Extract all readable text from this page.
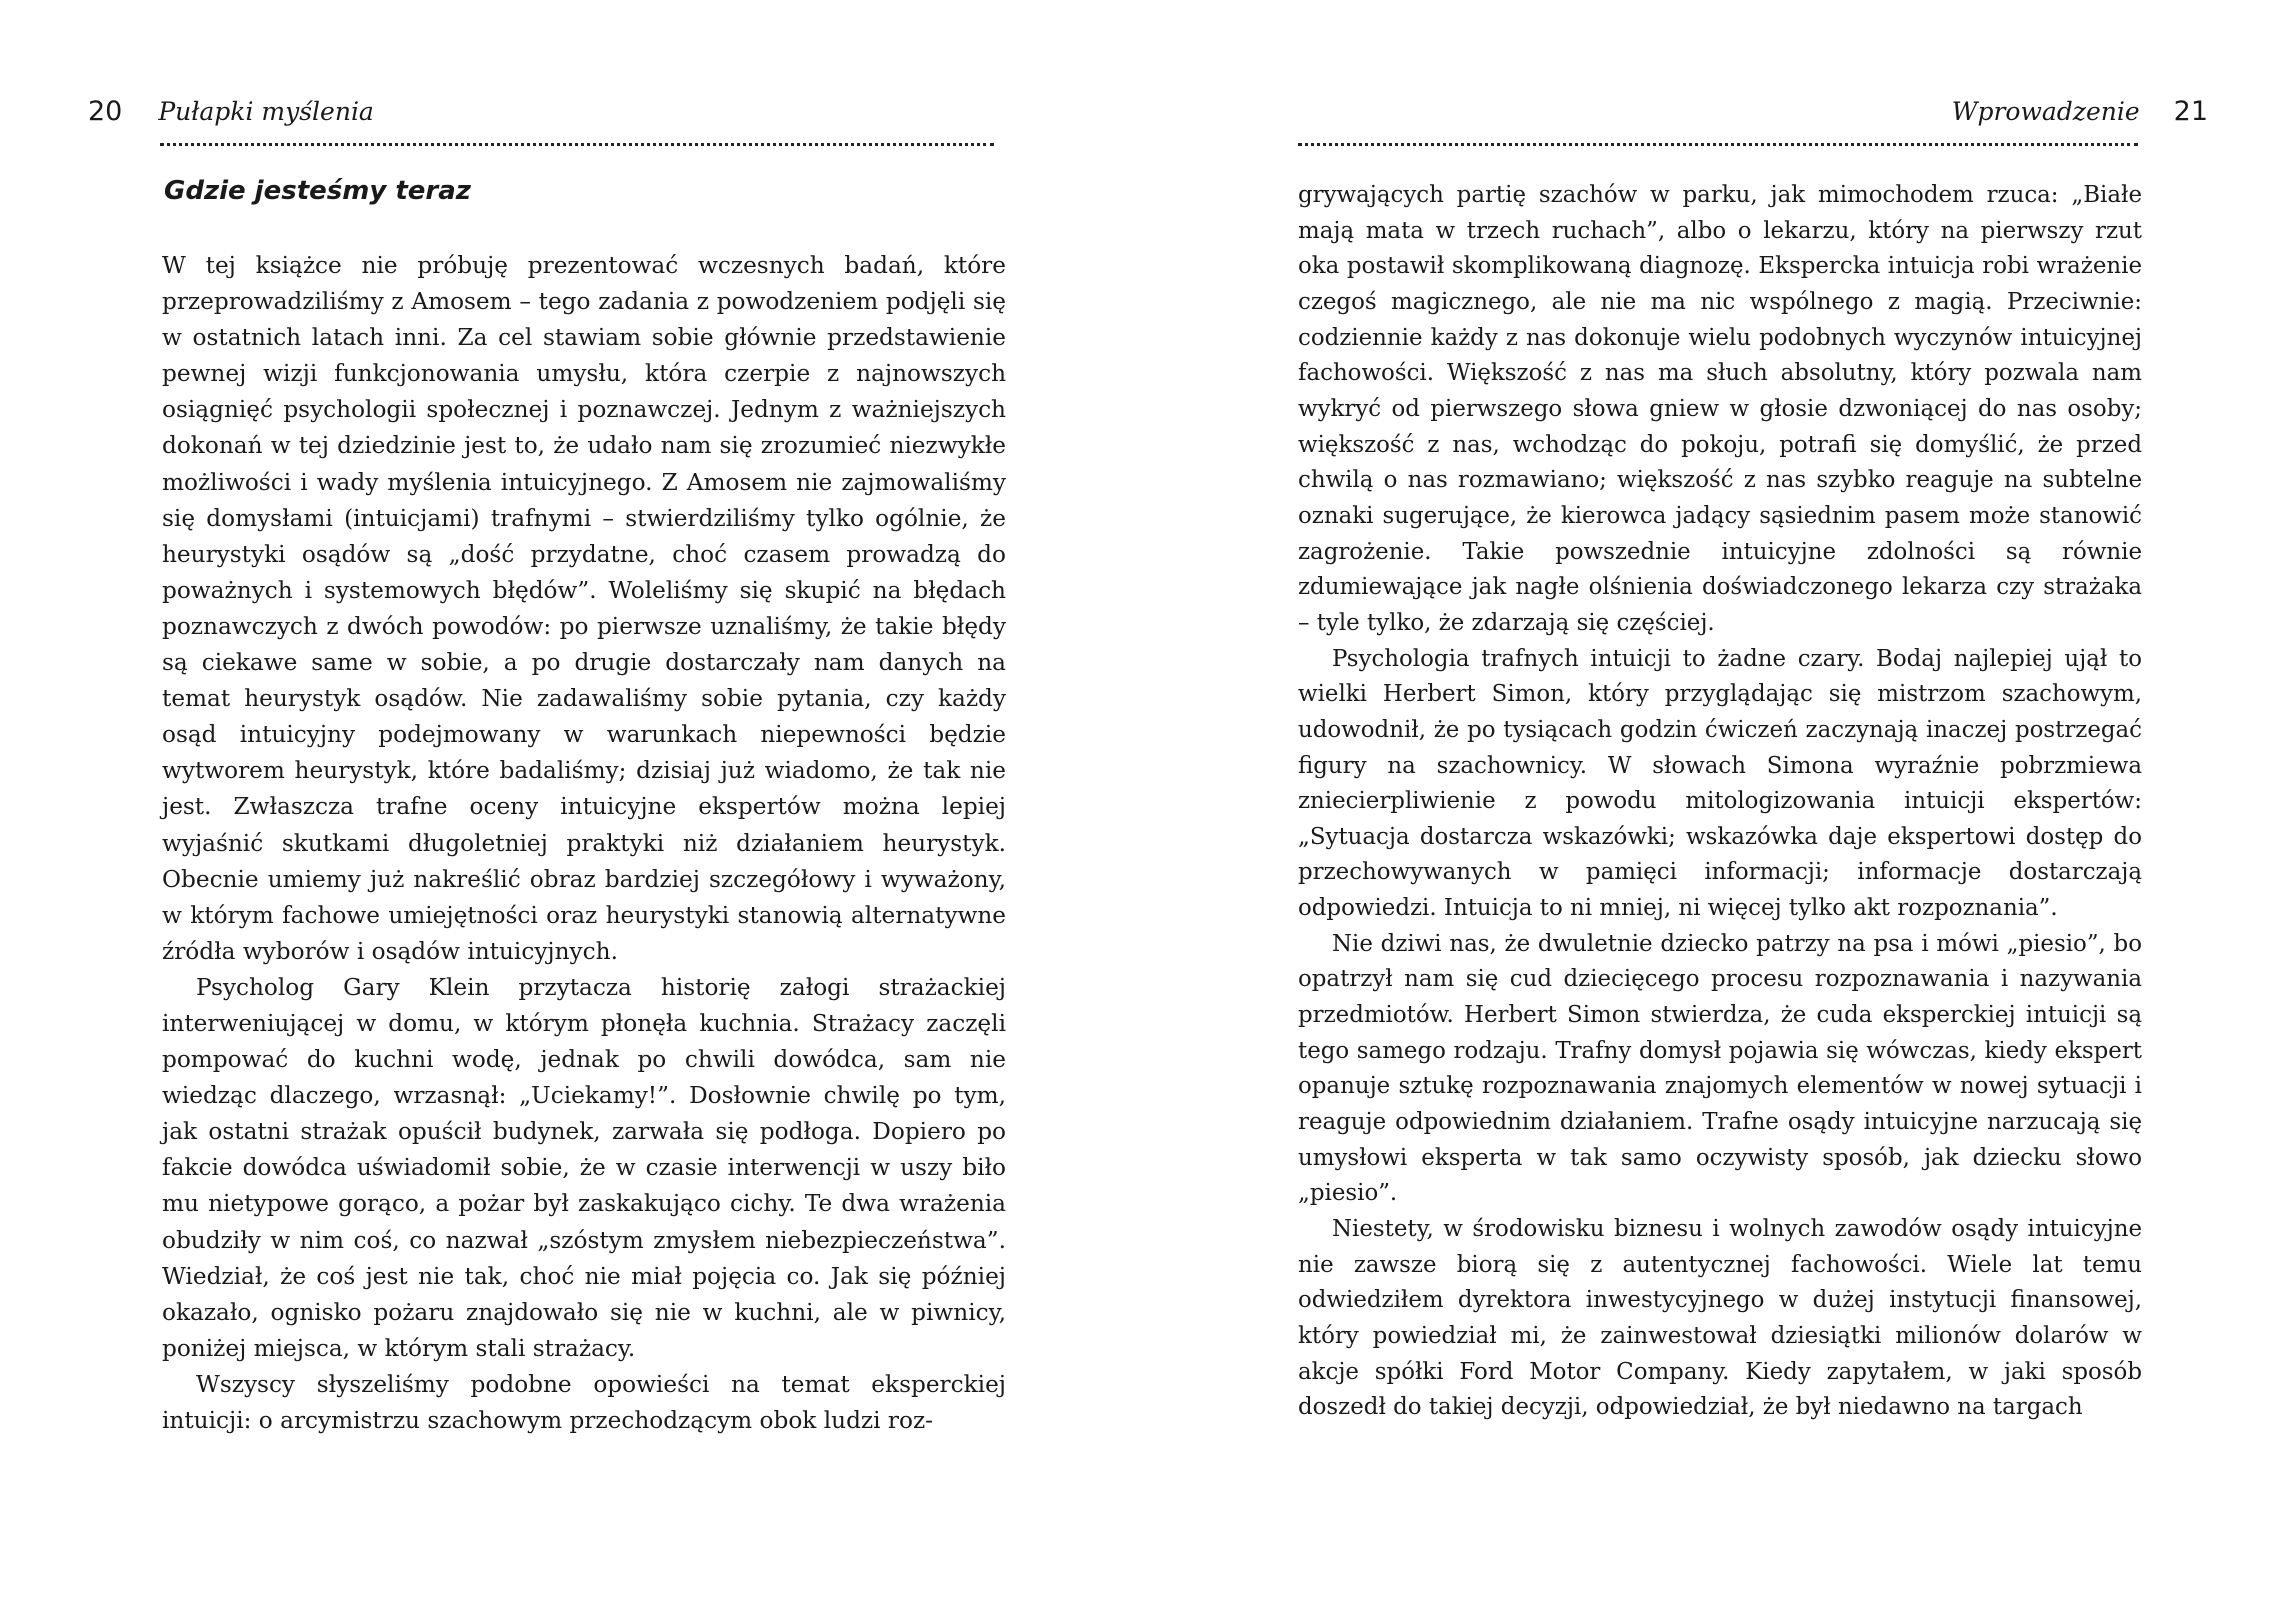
20 Pułapki myślenia
Gdzie jesteśmy teraz

W tej książce nie próbuję prezentować wczesnych badań, które przeprowadziliśmy z Amosem – tego zadania z powodzeniem podjęli się w ostatnich latach inni. Za cel stawiam sobie głównie przedstawienie pewnej wizji funkcjonowania umysłu, która czerpie z najnowszych osiągnięć psychologii społecznej i poznawczej. Jednym z ważniejszych dokonań w tej dziedzinie jest to, że udało nam się zrozumieć niezwykłe możliwości i wady myślenia intuicyjnego. Z Amosem nie zajmowaliśmy się domysłami (intuicjami) trafnymi – stwierdziliśmy tylko ogólnie, że heurystyki osądów są „dość przydatne, choć czasem prowadzą do poważnych i systemowych błędów”. Woleliśmy się skupić na błędach poznawczych z dwóch powodów: po pierwsze uznaliśmy, że takie błędy są ciekawe same w sobie, a po drugie dostarczały nam danych na temat heurystyk osądów. Nie zadawaliśmy sobie pytania, czy każdy osąd intuicyjny podejmowany w warunkach niepewności będzie wytworem heurystyk, które badaliśmy; dzisiaj już wiadomo, że tak nie jest. Zwłaszcza trafne oceny intuicyjne ekspertów można lepiej wyjaśnić skutkami długoletniej praktyki niż działaniem heurystyk. Obecnie umiemy już nakreślić obraz bardziej szczegółowy i wyważony, w którym fachowe umiejętności oraz heurystyki stanowią alternatywne źródła wyborów i osądów intuicyjnych.

Psycholog Gary Klein przytacza historię załogi strażackiej interweniującej w domu, w którym płonęła kuchnia. Strażacy zaczęli pompować do kuchni wodę, jednak po chwili dowódca, sam nie wiedząc dlaczego, wrzasnął: „Uciekamy!”. Dosłownie chwilę po tym, jak ostatni strażak opuścił budynek, zarwała się podłoga. Dopiero po fakcie dowódca uświadomił sobie, że w czasie interwencji w uszy biło mu nietypowe gorąco, a pożar był zaskakująco cichy. Te dwa wrażenia obudziły w nim coś, co nazwał „szóstym zmysłem niebezpieczeństwa”. Wiedział, że coś jest nie tak, choć nie miał pojęcia co. Jak się później okazało, ognisko pożaru znajdowało się nie w kuchni, ale w piwnicy, poniżej miejsca, w którym stali strażacy.

Wszyscy słyszeliśmy podobne opowieści na temat eksperckiej intuicji: o arcymistrzu szachowym przechodzącym obok ludzi roz-

Wprowadzenie 21

grywających partię szachów w parku, jak mimochodem rzuca: „Białe mają mata w trzech ruchach”, albo o lekarzu, który na pierwszy rzut oka postawił skomplikowaną diagnozę. Ekspercka intuicja robi wrażenie czegoś magicznego, ale nie ma nic wspólnego z magią. Przeciwnie: codziennie każdy z nas dokonuje wielu podobnych wyczynów intuicyjnej fachowości. Większość z nas ma słuch absolutny, który pozwala nam wykryć od pierwszego słowa gniew w głosie dzwoniącej do nas osoby; większość z nas, wchodząc do pokoju, potrafi się domyślić, że przed chwilą o nas rozmawiano; większość z nas szybko reaguje na subtelne oznaki sugerujące, że kierowca jadący sąsiednim pasem może stanowić zagrożenie. Takie powszednie intuicyjne zdolności są równie zdumiewające jak nagłe olśnienia doświadczonego lekarza czy strażaka – tyle tylko, że zdarzają się częściej.

Psychologia trafnych intuicji to żadne czary. Bodaj najlepiej ujął to wielki Herbert Simon, który przyglądając się mistrzom szachowym, udowodnił, że po tysiącach godzin ćwiczeń zaczynają inaczej postrzegać figury na szachownicy. W słowach Simona wyraźnie pobrzmiewa zniecierpliwienie z powodu mitologizowania intuicji ekspertów: „Sytuacja dostarcza wskazówki; wskazówka daje ekspertowi dostęp do przechowywanych w pamięci informacji; informacje dostarczają odpowiedzi. Intuicja to ni mniej, ni więcej tylko akt rozpoznania”.

Nie dziwi nas, że dwuletnie dziecko patrzy na psa i mówi „piesio”, bo opatrzył nam się cud dziecięcego procesu rozpoznawania i nazywania przedmiotów. Herbert Simon stwierdza, że cuda eksperckiej intuicji są tego samego rodzaju. Trafny domysł pojawia się wówczas, kiedy ekspert opanuje sztukę rozpoznawania znajomych elementów w nowej sytuacji i reaguje odpowiednim działaniem. Trafne osądy intuicyjne narzucają się umysłowi eksperta w tak samo oczywisty sposób, jak dziecku słowo „piesio”.

Niestety, w środowisku biznesu i wolnych zawodów osądy intuicyjne nie zawsze biorą się z autentycznej fachowości. Wiele lat temu odwiedziłem dyrektora inwestycyjnego w dużej instytucji finansowej, który powiedział mi, że zainwestował dziesiątki milionów dolarów w akcje spółki Ford Motor Company. Kiedy zapytałem, w jaki sposób doszedł do takiej decyzji, odpowiedział, że był niedawno na targach
